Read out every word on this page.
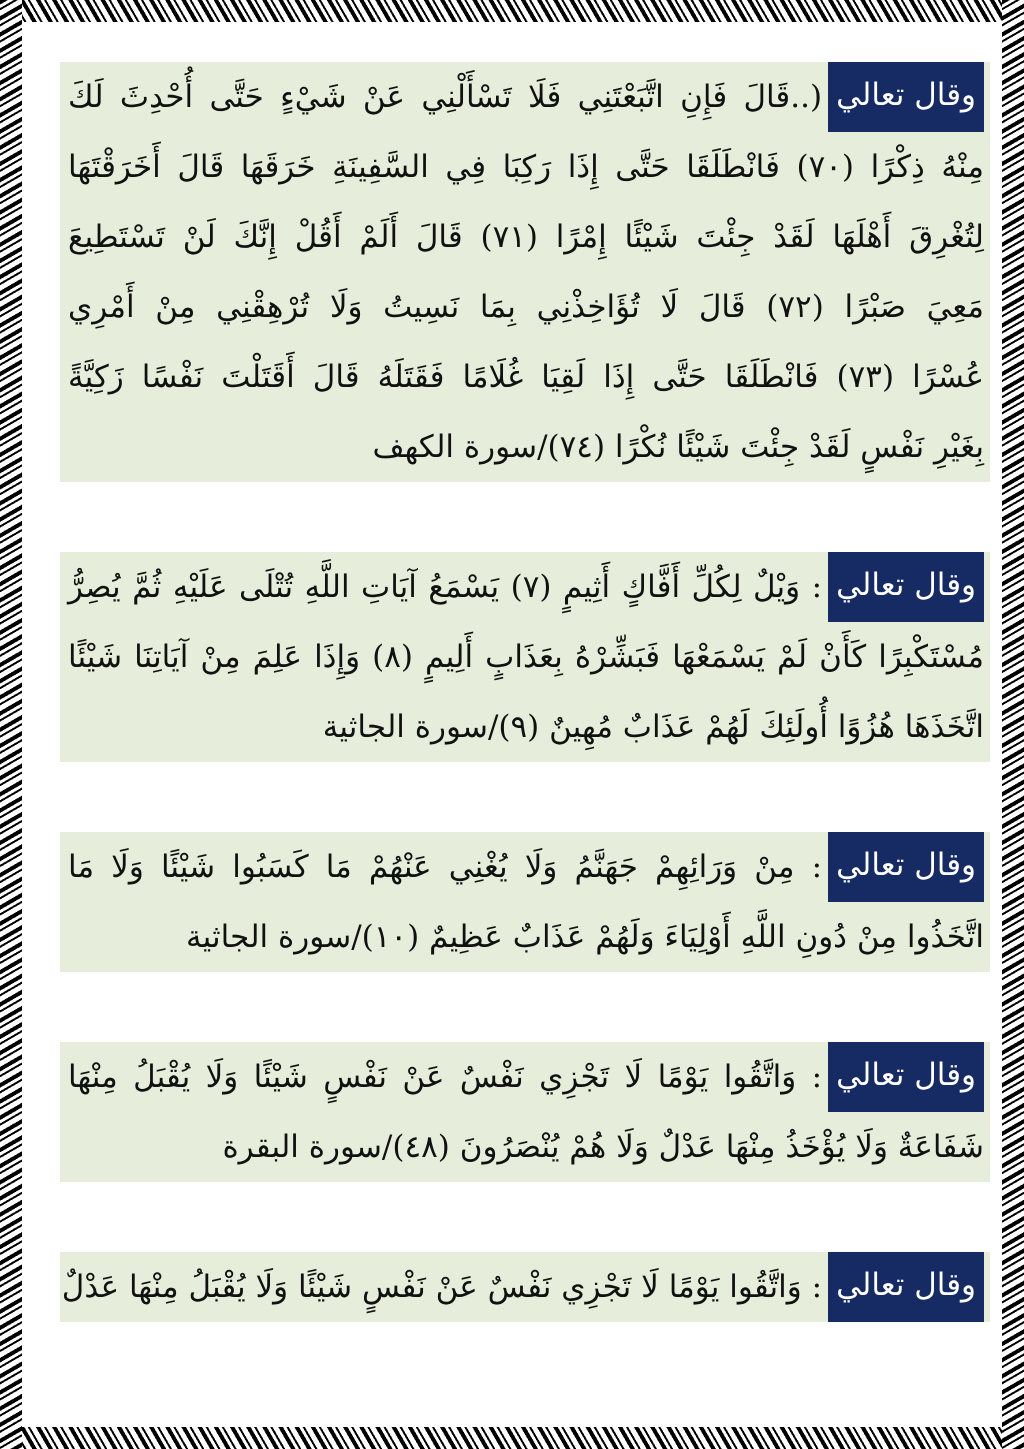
وقال تعالي(..قَالَ فَإِنِ اتَّبَعْتَنِي فَلَا تَسْأَلْنِي عَنْ شَيْءٍ حَتَّى أُحْدِثَ لَكَ
مِنْهُ ذِكْرًا (٧٠) فَانْطَلَقَا حَتَّى إِذَا رَكِبَا فِي السَّفِينَةِ خَرَقَهَا قَالَ أَخَرَقْتَهَا
لِتُغْرِقَ أَهْلَهَا لَقَدْ جِئْتَ شَيْئًا إِمْرًا (٧١) قَالَ أَلَمْ أَقُلْ إِنَّكَ لَنْ تَسْتَطِيعَ
مَعِيَ صَبْرًا (٧٢) قَالَ لَا تُؤَاخِذْنِي بِمَا نَسِيتُ وَلَا تُرْهِقْنِي مِنْ أَمْرِي
عُسْرًا (٧٣) فَانْطَلَقَا حَتَّى إِذَا لَقِيَا غُلَامًا فَقَتَلَهُ قَالَ أَقَتَلْتَ نَفْسًا زَكِيَّةً
بِغَيْرِ نَفْسٍ لَقَدْ جِئْتَ شَيْئًا نُكْرًا (٧٤)/سورة الكهف
وقال تعالي: وَيْلٌ لِكُلِّ أَفَّاكٍ أَثِيمٍ (٧) يَسْمَعُ آيَاتِ اللَّهِ تُتْلَى عَلَيْهِ ثُمَّ يُصِرُّ
مُسْتَكْبِرًا كَأَنْ لَمْ يَسْمَعْهَا فَبَشِّرْهُ بِعَذَابٍ أَلِيمٍ (٨) وَإِذَا عَلِمَ مِنْ آيَاتِنَا شَيْئًا
اتَّخَذَهَا هُزُوًا أُولَئِكَ لَهُمْ عَذَابٌ مُهِينٌ (٩)/سورة الجاثية
وقال تعالي: مِنْ وَرَائِهِمْ جَهَنَّمُ وَلَا يُغْنِي عَنْهُمْ مَا كَسَبُوا شَيْئًا وَلَا مَا
اتَّخَذُوا مِنْ دُونِ اللَّهِ أَوْلِيَاءَ وَلَهُمْ عَذَابٌ عَظِيمٌ (١٠)/سورة الجاثية
وقال تعالي: وَاتَّقُوا يَوْمًا لَا تَجْزِي نَفْسٌ عَنْ نَفْسٍ شَيْئًا وَلَا يُقْبَلُ مِنْهَا
شَفَاعَةٌ وَلَا يُؤْخَذُ مِنْهَا عَدْلٌ وَلَا هُمْ يُنْصَرُونَ (٤٨)/سورة البقرة
وقال تعالي: وَاتَّقُوا يَوْمًا لَا تَجْزِي نَفْسٌ عَنْ نَفْسٍ شَيْئًا وَلَا يُقْبَلُ مِنْهَا عَدْلٌ
